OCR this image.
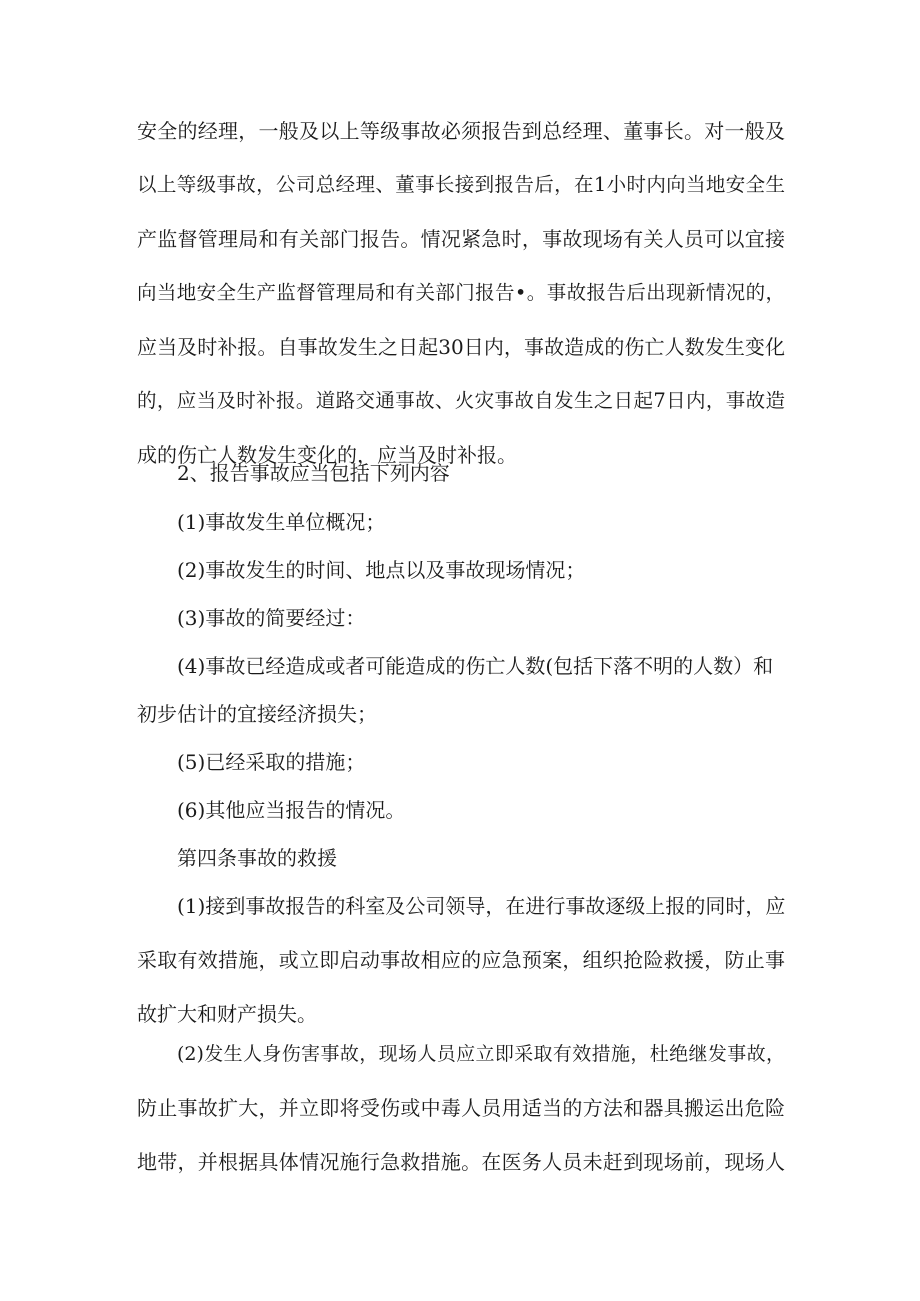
安全的经理，一般及以上等级事故必须报告到总经理、董事长。对一般及
以上等级事故，公司总经理、董事长接到报告后，在1小时内向当地安全生
产监督管理局和有关部门报告。情况紧急时，事故现场有关人员可以宜接
向当地安全生产监督管理局和有关部门报告•。事故报告后出现新情况的，
应当及时补报。自事故发生之日起30日内，事故造成的伤亡人数发生变化
的，应当及时补报。道路交通事故、火灾事故自发生之日起7日内，事故造
成的伤亡人数发生变化的，应当及时补报。

2、报告事故应当包括下列内容

(1)事故发生单位概况；

(2)事故发生的时间、地点以及事故现场情况；

(3)事故的简要经过：

(4)事故已经造成或者可能造成的伤亡人数(包括下落不明的人数）和

初步估计的宜接经济损失；

(5)已经采取的措施；

(6)其他应当报告的情况。

第四条事故的救援

(1)接到事故报告的科室及公司领导，在进行事故逐级上报的同时，应
采取有效措施，或立即启动事故相应的应急预案，组织抢险救援，防止事
故扩大和财产损失。
(2)发生人身伤害事故，现场人员应立即采取有效措施，杜绝继发事故，
防止事故扩大，并立即将受伤或中毒人员用适当的方法和器具搬运出危险
地带，并根据具体情况施行急救措施。在医务人员未赶到现场前，现场人
